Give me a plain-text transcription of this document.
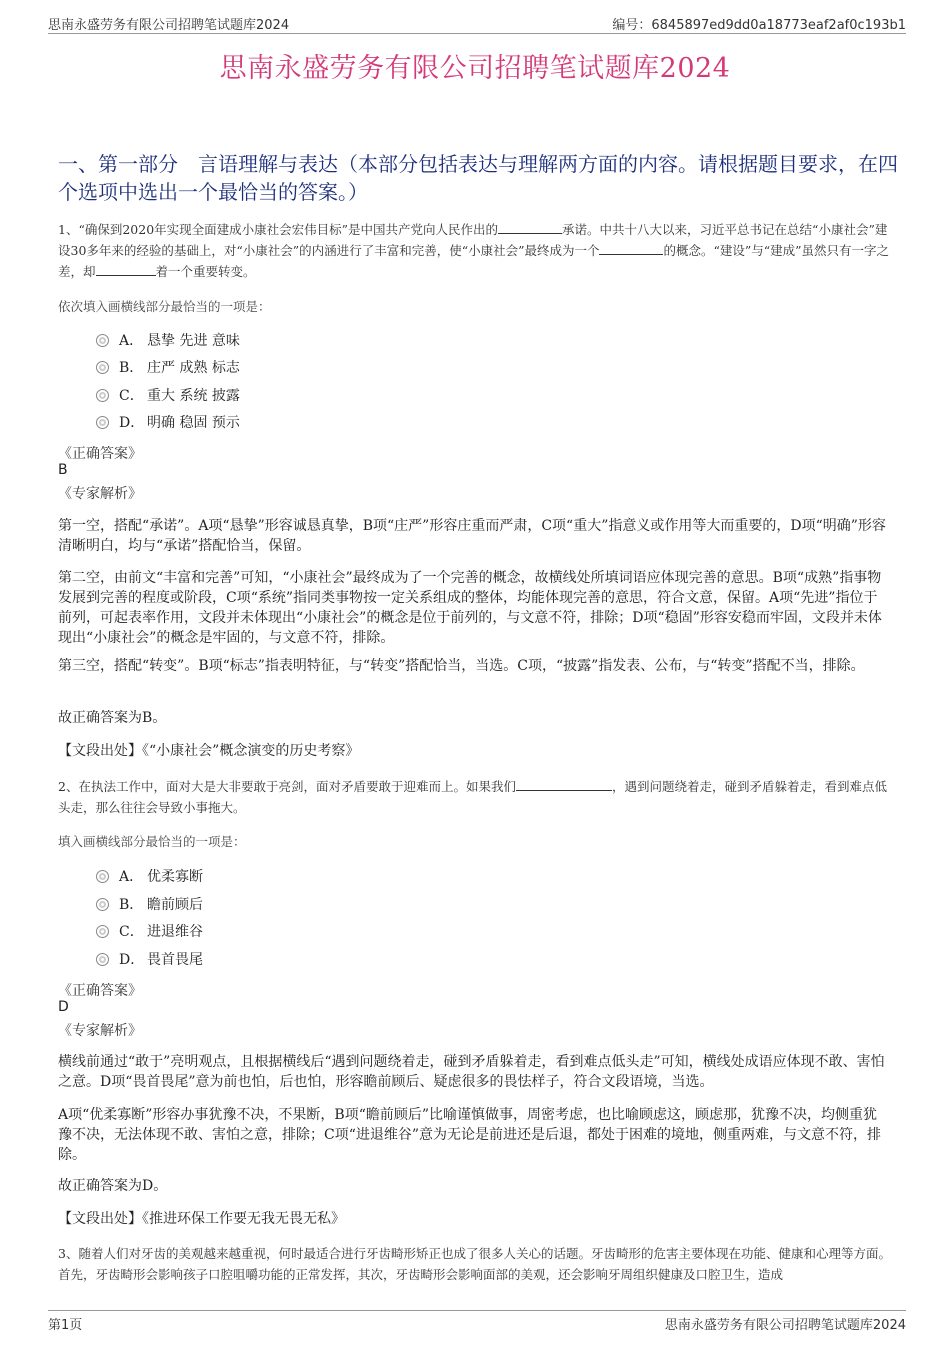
思南永盛劳务有限公司招聘笔试题库2024	编号：6845897ed9dd0a18773eaf2af0c193b1
思南永盛劳务有限公司招聘笔试题库2024
一、第一部分　言语理解与表达（本部分包括表达与理解两方面的内容。请根据题目要求，在四个选项中选出一个最恰当的答案。）
1、“确保到2020年实现全面建成小康社会宏伟目标”是中国共产党向人民作出的	承诺。中共十八大以来，习近平总书记在总结“小康社会”建设30多年来的经验的基础上，对“小康社会”的内涵进行了丰富和完善，使“小康社会”最终成为一个	的概念。“建设”与“建成”虽然只有一字之差，却	着一个重要转变。
依次填入画横线部分最恰当的一项是：
A． 恳挚 先进 意味
B． 庄严 成熟 标志
C． 重大 系统 披露
D． 明确 稳固 预示
《正确答案》
B
《专家解析》
第一空，搭配“承诺”。A项“恳挚”形容诚恳真挚，B项“庄严”形容庄重而严肃，C项“重大”指意义或作用等大而重要的，D项“明确”形容清晰明白，均与“承诺”搭配恰当，保留。
第二空，由前文“丰富和完善”可知，“小康社会”最终成为了一个完善的概念，故横线处所填词语应体现完善的意思。B项“成熟”指事物发展到完善的程度或阶段，C项“系统”指同类事物按一定关系组成的整体，均能体现完善的意思，符合文意，保留。A项“先进”指位于前列，可起表率作用，文段并未体现出“小康社会”的概念是位于前列的，与文意不符，排除；D项“稳固”形容安稳而牢固，文段并未体现出“小康社会”的概念是牢固的，与文意不符，排除。
第三空，搭配“转变”。B项“标志”指表明特征，与“转变”搭配恰当，当选。C项，“披露”指发表、公布，与“转变”搭配不当，排除。
故正确答案为B。
【文段出处】《“小康社会”概念演变的历史考察》
2、在执法工作中，面对大是大非要敢于亮剑，面对矛盾要敢于迎难而上。如果我们	，遇到问题绕着走，碰到矛盾躲着走，看到难点低头走，那么往往会导致小事拖大。
填入画横线部分最恰当的一项是：
A． 优柔寡断
B． 瞻前顾后
C． 进退维谷
D． 畏首畏尾
《正确答案》
D
《专家解析》
横线前通过“敢于”亮明观点，且根据横线后“遇到问题绕着走，碰到矛盾躲着走，看到难点低头走”可知，横线处成语应体现不敢、害怕之意。D项“畏首畏尾”意为前也怕，后也怕，形容瞻前顾后、疑虑很多的畏怯样子，符合文段语境，当选。
A项“优柔寡断”形容办事犹豫不决，不果断，B项“瞻前顾后”比喻谨慎做事，周密考虑，也比喻顾虑这，顾虑那，犹豫不决，均侧重犹豫不决，无法体现不敢、害怕之意，排除；C项“进退维谷”意为无论是前进还是后退，都处于困难的境地，侧重两难，与文意不符，排除。
故正确答案为D。
【文段出处】《推进环保工作要无我无畏无私》
3、随着人们对牙齿的美观越来越重视，何时最适合进行牙齿畸形矫正也成了很多人关心的话题。牙齿畸形的危害主要体现在功能、健康和心理等方面。首先，牙齿畸形会影响孩子口腔咀嚼功能的正常发挥，其次，牙齿畸形会影响面部的美观，还会影响牙周组织健康及口腔卫生，造成
第1页	思南永盛劳务有限公司招聘笔试题库2024
